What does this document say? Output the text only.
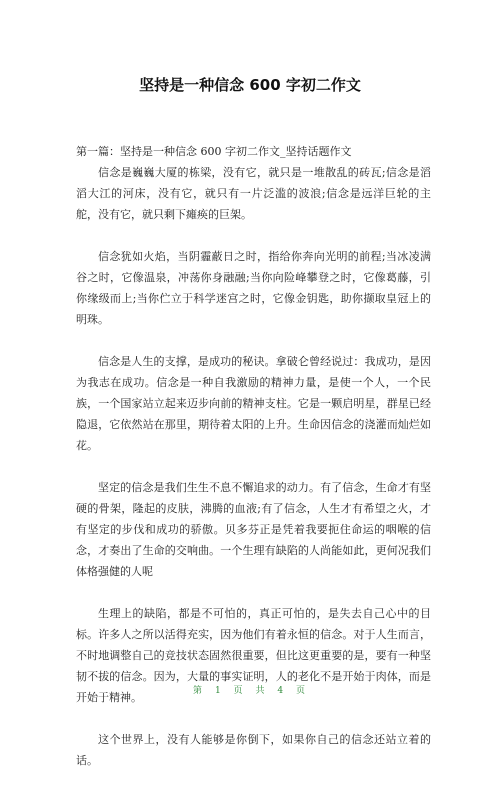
坚持是一种信念 600 字初二作文

第一篇：坚持是一种信念 600 字初二作文_坚持话题作文

信念是巍巍大厦的栋梁，没有它，就只是一堆散乱的砖瓦;信念是滔滔大江的河床，没有它，就只有一片泛滥的波浪;信念是远洋巨轮的主舵，没有它，就只剩下瘫痪的巨架。

信念犹如火焰，当阴霾蔽日之时，指给你奔向光明的前程;当冰凌满谷之时，它像温泉，冲荡你身融融;当你向险峰攀登之时，它像葛藤，引你缘级而上;当你伫立于科学迷宫之时，它像金钥匙，助你撷取皇冠上的明珠。

信念是人生的支撑，是成功的秘诀。拿破仑曾经说过：我成功，是因为我志在成功。信念是一种自我激励的精神力量，是使一个人，一个民族，一个国家站立起来迈步向前的精神支柱。它是一颗启明星，群星已经隐退，它依然站在那里，期待着太阳的上升。生命因信念的浇灌而灿烂如花。

坚定的信念是我们生生不息不懈追求的动力。有了信念，生命才有坚硬的骨架，隆起的皮肤，沸腾的血液;有了信念，人生才有希望之火，才有坚定的步伐和成功的骄傲。贝多芬正是凭着我要扼住命运的咽喉的信念，才奏出了生命的交响曲。一个生理有缺陷的人尚能如此，更何况我们体格强健的人呢

生理上的缺陷，都是不可怕的，真正可怕的，是失去自己心中的目标。许多人之所以活得充实，因为他们有着永恒的信念。对于人生而言，不时地调整自己的竞技状态固然很重要，但比这更重要的是，要有一种坚韧不拔的信念。因为，大量的事实证明，人的老化不是开始于肉体，而是开始于精神。

这个世界上，没有人能够是你倒下，如果你自己的信念还站立着的话。

第 1 页 共 4 页
